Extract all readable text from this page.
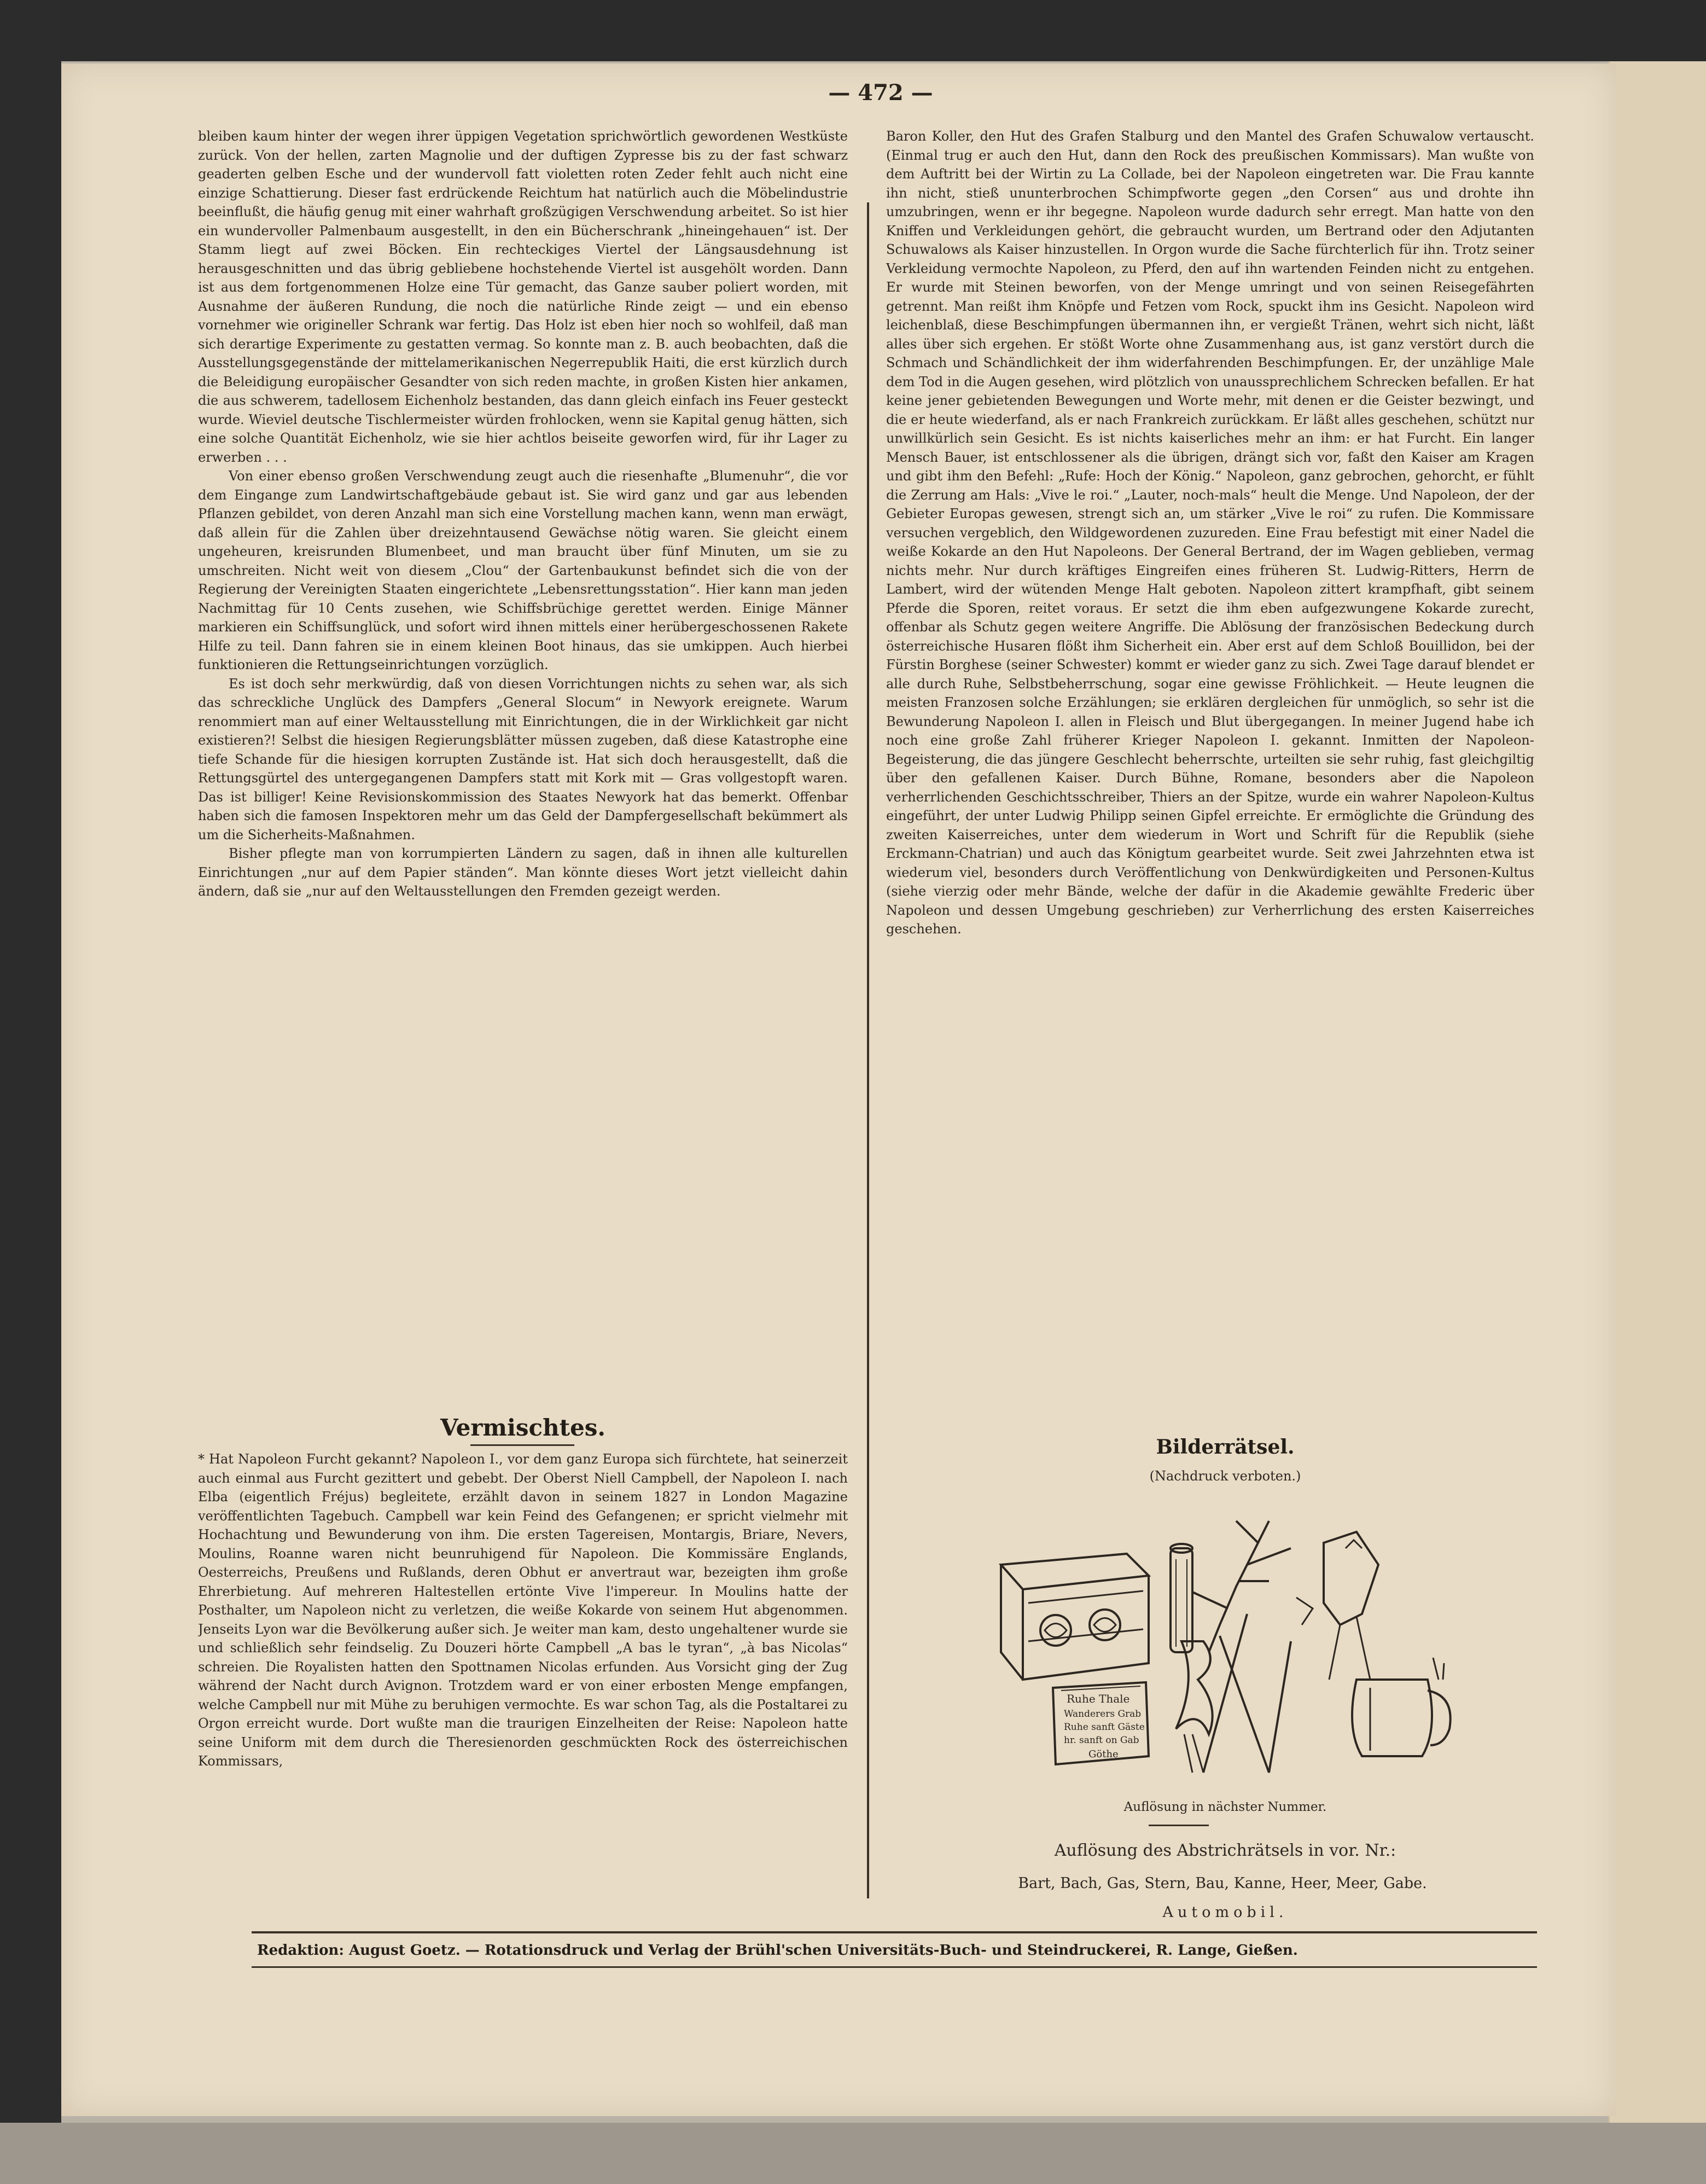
— 472 —

bleiben kaum hinter der wegen ihrer üppigen Vegetation sprichwörtlich gewordenen Westküste zurück. Von der hellen, zarten Magnolie und der duftigen Zypresse bis zu der fast schwarz geaderten gelben Esche und der wundervoll fatt violetten roten Zeder fehlt auch nicht eine einzige Schattierung. Dieser fast erdrückende Reichtum hat natürlich auch die Möbelindustrie beeinflußt, die häufig genug mit einer wahrhaft großzügigen Verschwendung arbeitet. So ist hier ein wundervoller Palmenbaum ausgestellt, in den ein Bücherschrank „hineingehauen“ ist. Der Stamm liegt auf zwei Böcken. Ein rechteckiges Viertel der Längsausdehnung ist herausgeschnitten und das übrig gebliebene hochstehende Viertel ist ausgehölt worden. Dann ist aus dem fortgenommenen Holze eine Tür gemacht, das Ganze sauber poliert worden, mit Ausnahme der äußeren Rundung, die noch die natürliche Rinde zeigt — und ein ebenso vornehmer wie origineller Schrank war fertig. Das Holz ist eben hier noch so wohlfeil, daß man sich derartige Experimente zu gestatten vermag. So konnte man z. B. auch beobachten, daß die Ausstellungsgegenstände der mittelamerikanischen Negerrepublik Haiti, die erst kürzlich durch die Beleidigung europäischer Gesandter von sich reden machte, in großen Kisten hier ankamen, die aus schwerem, tadellosem Eichenholz bestanden, das dann gleich einfach ins Feuer gesteckt wurde. Wieviel deutsche Tischlermeister würden frohlocken, wenn sie Kapital genug hätten, sich eine solche Quantität Eichenholz, wie sie hier achtlos beiseite geworfen wird, für ihr Lager zu erwerben . . .

Von einer ebenso großen Verschwendung zeugt auch die riesenhafte „Blumenuhr“, die vor dem Eingange zum Landwirtschaftgebäude gebaut ist. Sie wird ganz und gar aus lebenden Pflanzen gebildet, von deren Anzahl man sich eine Vorstellung machen kann, wenn man erwägt, daß allein für die Zahlen über dreizehntausend Gewächse nötig waren. Sie gleicht einem ungeheuren, kreisrunden Blumenbeet, und man braucht über fünf Minuten, um sie zu umschreiten. Nicht weit von diesem „Clou“ der Gartenbaukunst befindet sich die von der Regierung der Vereinigten Staaten eingerichtete „Lebensrettungsstation“. Hier kann man jeden Nachmittag für 10 Cents zusehen, wie Schiffsbrüchige gerettet werden. Einige Männer markieren ein Schiffsunglück, und sofort wird ihnen mittels einer herübergeschossenen Rakete Hilfe zu teil. Dann fahren sie in einem kleinen Boot hinaus, das sie umkippen. Auch hierbei funktionieren die Rettungseinrichtungen vorzüglich.

Es ist doch sehr merkwürdig, daß von diesen Vorrichtungen nichts zu sehen war, als sich das schreckliche Unglück des Dampfers „General Slocum“ in Newyork ereignete. Warum renommiert man auf einer Weltausstellung mit Einrichtungen, die in der Wirklichkeit gar nicht existieren?! Selbst die hiesigen Regierungsblätter müssen zugeben, daß diese Katastrophe eine tiefe Schande für die hiesigen korrupten Zustände ist. Hat sich doch herausgestellt, daß die Rettungsgürtel des untergegangenen Dampfers statt mit Kork mit — Gras vollgestopft waren. Das ist billiger! Keine Revisionskommission des Staates Newyork hat das bemerkt. Offenbar haben sich die famosen Inspektoren mehr um das Geld der Dampfergesellschaft bekümmert als um die Sicherheits-Maßnahmen.

Bisher pflegte man von korrumpierten Ländern zu sagen, daß in ihnen alle kulturellen Einrichtungen „nur auf dem Papier ständen“. Man könnte dieses Wort jetzt vielleicht dahin ändern, daß sie „nur auf den Weltausstellungen den Fremden gezeigt werden.

Vermischtes.
* Hat Napoleon Furcht gekannt? Napoleon I., vor dem ganz Europa sich fürchtete, hat seinerzeit auch einmal aus Furcht gezittert und gebebt. Der Oberst Niell Campbell, der Napoleon I. nach Elba (eigentlich Fréjus) begleitete, erzählt davon in seinem 1827 in London Magazine veröffentlichten Tagebuch. Campbell war kein Feind des Gefangenen; er spricht vielmehr mit Hochachtung und Bewunderung von ihm. Die ersten Tagereisen, Montargis, Briare, Nevers, Moulins, Roanne waren nicht beunruhigend für Napoleon. Die Kommissäre Englands, Oesterreichs, Preußens und Rußlands, deren Obhut er anvertraut war, bezeigten ihm große Ehrerbietung. Auf mehreren Haltestellen ertönte Vive l'impereur. In Moulins hatte der Posthalter, um Napoleon nicht zu verletzen, die weiße Kokarde von seinem Hut abgenommen. Jenseits Lyon war die Bevölkerung außer sich. Je weiter man kam, desto ungehaltener wurde sie und schließlich sehr feindselig. Zu Douzeri hörte Campbell „A bas le tyran“, „à bas Nicolas“ schreien. Die Royalisten hatten den Spottnamen Nicolas erfunden. Aus Vorsicht ging der Zug während der Nacht durch Avignon. Trotzdem ward er von einer erbosten Menge empfangen, welche Campbell nur mit Mühe zu beruhigen vermochte. Es war schon Tag, als die Postaltarei zu Orgon erreicht wurde. Dort wußte man die traurigen Einzelheiten der Reise: Napoleon hatte seine Uniform mit dem durch die Theresienorden geschmückten Rock des österreichischen Kommissars,

Baron Koller, den Hut des Grafen Stalburg und den Mantel des Grafen Schuwalow vertauscht. (Einmal trug er auch den Hut, dann den Rock des preußischen Kommissars). Man wußte von dem Auftritt bei der Wirtin zu La Collade, bei der Napoleon eingetreten war. Die Frau kannte ihn nicht, stieß ununterbrochen Schimpfworte gegen „den Corsen“ aus und drohte ihn umzubringen, wenn er ihr begegne. Napoleon wurde dadurch sehr erregt. Man hatte von den Kniffen und Verkleidungen gehört, die gebraucht wurden, um Bertrand oder den Adjutanten Schuwalows als Kaiser hinzustellen. In Orgon wurde die Sache fürchterlich für ihn. Trotz seiner Verkleidung vermochte Napoleon, zu Pferd, den auf ihn wartenden Feinden nicht zu entgehen. Er wurde mit Steinen beworfen, von der Menge umringt und von seinen Reisegefährten getrennt. Man reißt ihm Knöpfe und Fetzen vom Rock, spuckt ihm ins Gesicht. Napoleon wird leichenblaß, diese Beschimpfungen übermannen ihn, er vergießt Tränen, wehrt sich nicht, läßt alles über sich ergehen. Er stößt Worte ohne Zusammenhang aus, ist ganz verstört durch die Schmach und Schändlichkeit der ihm widerfahrenden Beschimpfungen. Er, der unzählige Male dem Tod in die Augen gesehen, wird plötzlich von unaussprechlichem Schrecken befallen. Er hat keine jener gebietenden Bewegungen und Worte mehr, mit denen er die Geister bezwingt, und die er heute wiederfand, als er nach Frankreich zurückkam. Er läßt alles geschehen, schützt nur unwillkürlich sein Gesicht. Es ist nichts kaiserliches mehr an ihm: er hat Furcht. Ein langer Mensch Bauer, ist entschlossener als die übrigen, drängt sich vor, faßt den Kaiser am Kragen und gibt ihm den Befehl: „Rufe: Hoch der König.“ Napoleon, ganz gebrochen, gehorcht, er fühlt die Zerrung am Hals: „Vive le roi.“ „Lauter, noch-mals“ heult die Menge. Und Napoleon, der der Gebieter Europas gewesen, strengt sich an, um stärker „Vive le roi“ zu rufen. Die Kommissare versuchen vergeblich, den Wildgewordenen zuzureden. Eine Frau befestigt mit einer Nadel die weiße Kokarde an den Hut Napoleons. Der General Bertrand, der im Wagen geblieben, vermag nichts mehr. Nur durch kräftiges Eingreifen eines früheren St. Ludwig-Ritters, Herrn de Lambert, wird der wütenden Menge Halt geboten. Napoleon zittert krampfhaft, gibt seinem Pferde die Sporen, reitet voraus. Er setzt die ihm eben aufgezwungene Kokarde zurecht, offenbar als Schutz gegen weitere Angriffe. Die Ablösung der französischen Bedeckung durch österreichische Husaren flößt ihm Sicherheit ein. Aber erst auf dem Schloß Bouillidon, bei der Fürstin Borghese (seiner Schwester) kommt er wieder ganz zu sich. Zwei Tage darauf blendet er alle durch Ruhe, Selbstbeherrschung, sogar eine gewisse Fröhlichkeit. — Heute leugnen die meisten Franzosen solche Erzählungen; sie erklären dergleichen für unmöglich, so sehr ist die Bewunderung Napoleon I. allen in Fleisch und Blut übergegangen. In meiner Jugend habe ich noch eine große Zahl früherer Krieger Napoleon I. gekannt. Inmitten der Napoleon-Begeisterung, die das jüngere Geschlecht beherrschte, urteilten sie sehr ruhig, fast gleichgiltig über den gefallenen Kaiser. Durch Bühne, Romane, besonders aber die Napoleon verherrlichenden Geschichtsschreiber, Thiers an der Spitze, wurde ein wahrer Napoleon-Kultus eingeführt, der unter Ludwig Philipp seinen Gipfel erreichte. Er ermöglichte die Gründung des zweiten Kaiserreiches, unter dem wiederum in Wort und Schrift für die Republik (siehe Erckmann-Chatrian) und auch das Königtum gearbeitet wurde. Seit zwei Jahrzehnten etwa ist wiederum viel, besonders durch Veröffentlichung von Denkwürdigkeiten und Personen-Kultus (siehe vierzig oder mehr Bände, welche der dafür in die Akademie gewählte Frederic über Napoleon und dessen Umgebung geschrieben) zur Verherrlichung des ersten Kaiserreiches geschehen.

Bilderrätsel.
(Nachdruck verboten.)
Ruhe Thale
Wanderers Grab
Ruhe sanft Gäste
hr. sanft on Gab
Göthe
Auflösung in nächster Nummer.
Auflösung des Abstrichrätsels in vor. Nr.:
Bart, Bach, Gas, Stern, Bau, Kanne, Heer, Meer, Gabe.
Automobil.
Redaktion: August Goetz. — Rotationsdruck und Verlag der Brühl'schen Universitäts-Buch- und Steindruckerei, R. Lange, Gießen.
